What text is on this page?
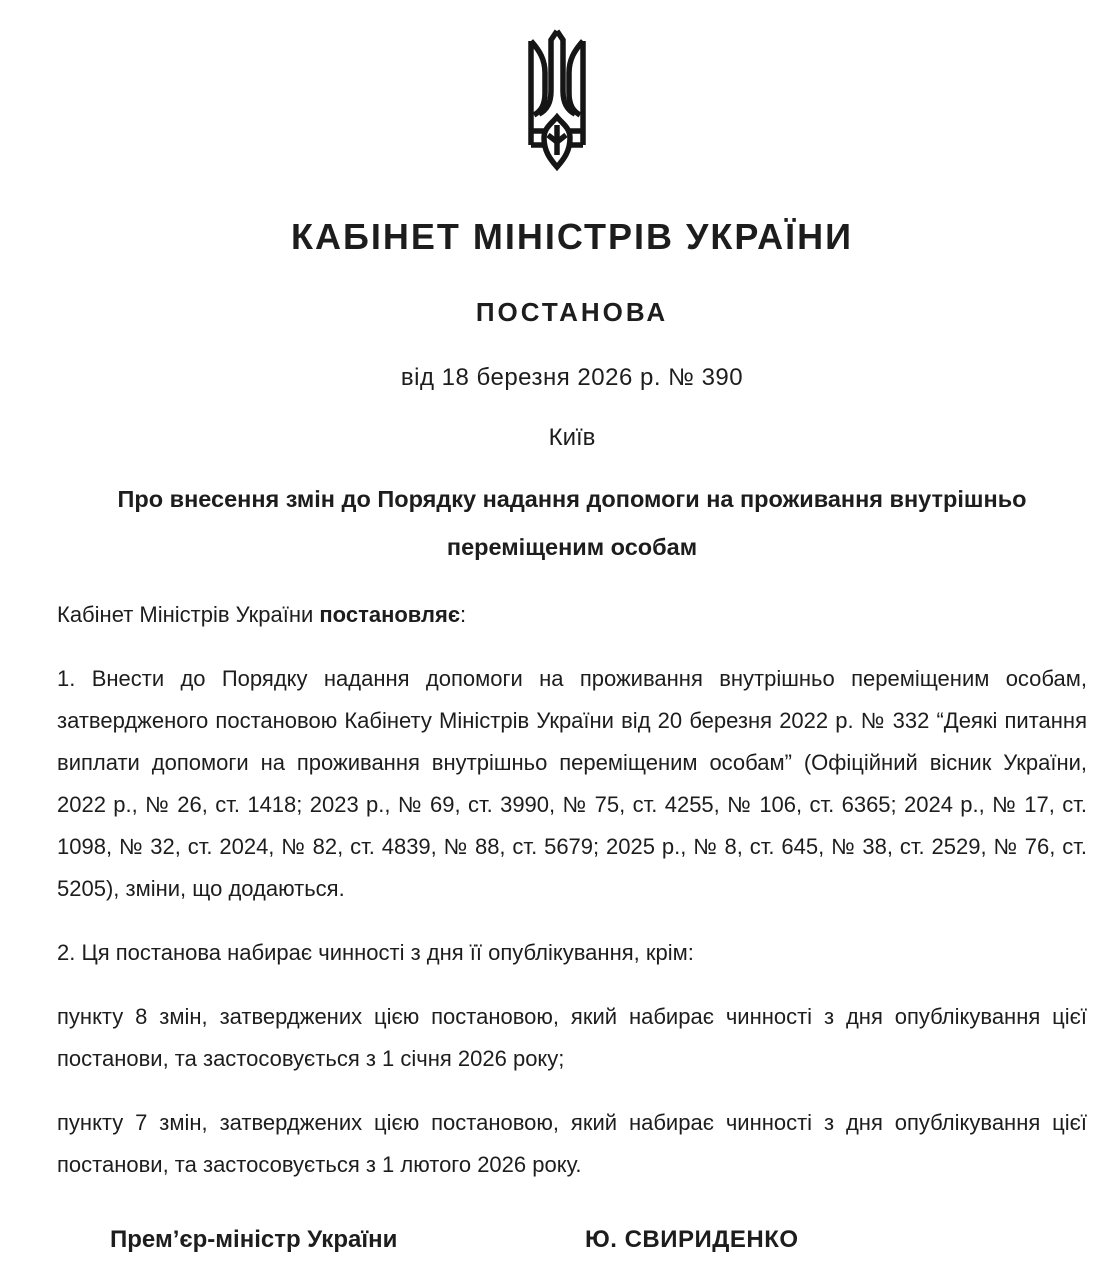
КАБІНЕТ МІНІСТРІВ УКРАЇНИ
ПОСТАНОВА
від 18 березня 2026 р. № 390
Київ
Про внесення змін до Порядку надання допомоги на проживання внутрішньо переміщеним особам

Кабінет Міністрів України постановляє:

1. Внести до Порядку надання допомоги на проживання внутрішньо переміщеним особам, затвердженого постановою Кабінету Міністрів України від 20 березня 2022 р. № 332 “Деякі питання виплати допомоги на проживання внутрішньо переміщеним особам” (Офіційний вісник України, 2022 р., № 26, ст. 1418; 2023 р., № 69, ст. 3990, № 75, ст. 4255, № 106, ст. 6365; 2024 р., № 17, ст. 1098, № 32, ст. 2024, № 82, ст. 4839, № 88, ст. 5679; 2025 р., № 8, ст. 645, № 38, ст. 2529, № 76, ст. 5205), зміни, що додаються.

2. Ця постанова набирає чинності з дня її опублікування, крім:

пункту 8 змін, затверджених цією постановою, який набирає чинності з дня опублікування цієї постанови, та застосовується з 1 січня 2026 року;

пункту 7 змін, затверджених цією постановою, який набирає чинності з дня опублікування цієї постанови, та застосовується з 1 лютого 2026 року.

Прем’єр-міністр України	Ю. СВИРИДЕНКО
